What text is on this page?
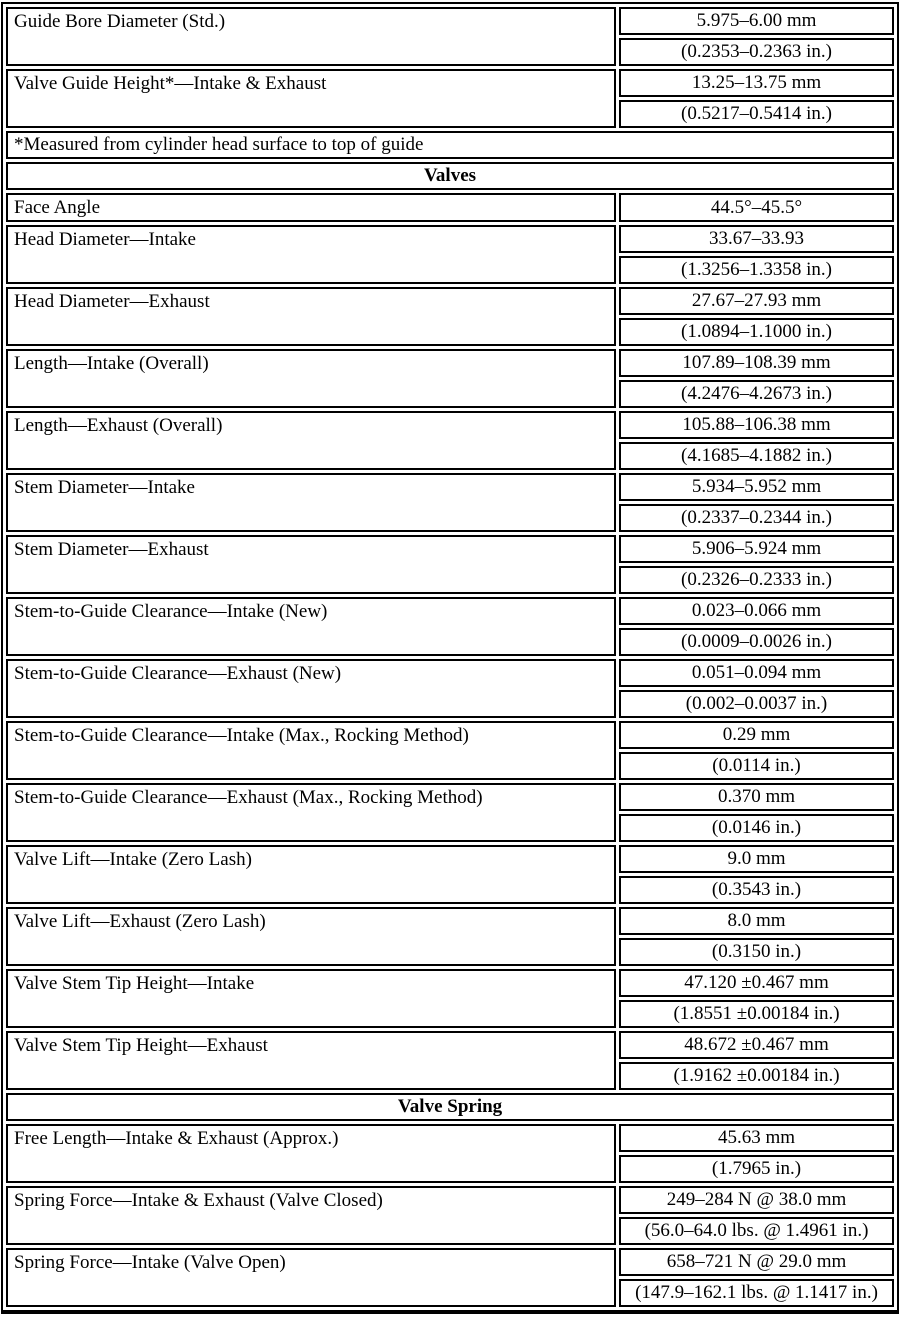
Guide Bore Diameter (Std.)	5.975–6.00 mm
	(0.2353–0.2363 in.)
Valve Guide Height*—Intake & Exhaust	13.25–13.75 mm
	(0.5217–0.5414 in.)
*Measured from cylinder head surface to top of guide	
Valves	
Face Angle	44.5°–45.5°
Head Diameter—Intake	33.67–33.93
	(1.3256–1.3358 in.)
Head Diameter—Exhaust	27.67–27.93 mm
	(1.0894–1.1000 in.)
Length—Intake (Overall)	107.89–108.39 mm
	(4.2476–4.2673 in.)
Length—Exhaust (Overall)	105.88–106.38 mm
	(4.1685–4.1882 in.)
Stem Diameter—Intake	5.934–5.952 mm
	(0.2337–0.2344 in.)
Stem Diameter—Exhaust	5.906–5.924 mm
	(0.2326–0.2333 in.)
Stem-to-Guide Clearance—Intake (New)	0.023–0.066 mm
	(0.0009–0.0026 in.)
Stem-to-Guide Clearance—Exhaust (New)	0.051–0.094 mm
	(0.002–0.0037 in.)
Stem-to-Guide Clearance—Intake (Max., Rocking Method)	0.29 mm
	(0.0114 in.)
Stem-to-Guide Clearance—Exhaust (Max., Rocking Method)	0.370 mm
	(0.0146 in.)
Valve Lift—Intake (Zero Lash)	9.0 mm
	(0.3543 in.)
Valve Lift—Exhaust (Zero Lash)	8.0 mm
	(0.3150 in.)
Valve Stem Tip Height—Intake	47.120 ±0.467 mm
	(1.8551 ±0.00184 in.)
Valve Stem Tip Height—Exhaust	48.672 ±0.467 mm
	(1.9162 ±0.00184 in.)
Valve Spring	
Free Length—Intake & Exhaust (Approx.)	45.63 mm
	(1.7965 in.)
Spring Force—Intake & Exhaust (Valve Closed)	249–284 N @ 38.0 mm
	(56.0–64.0 lbs. @ 1.4961 in.)
Spring Force—Intake (Valve Open)	658–721 N @ 29.0 mm
	(147.9–162.1 lbs. @ 1.1417 in.)
